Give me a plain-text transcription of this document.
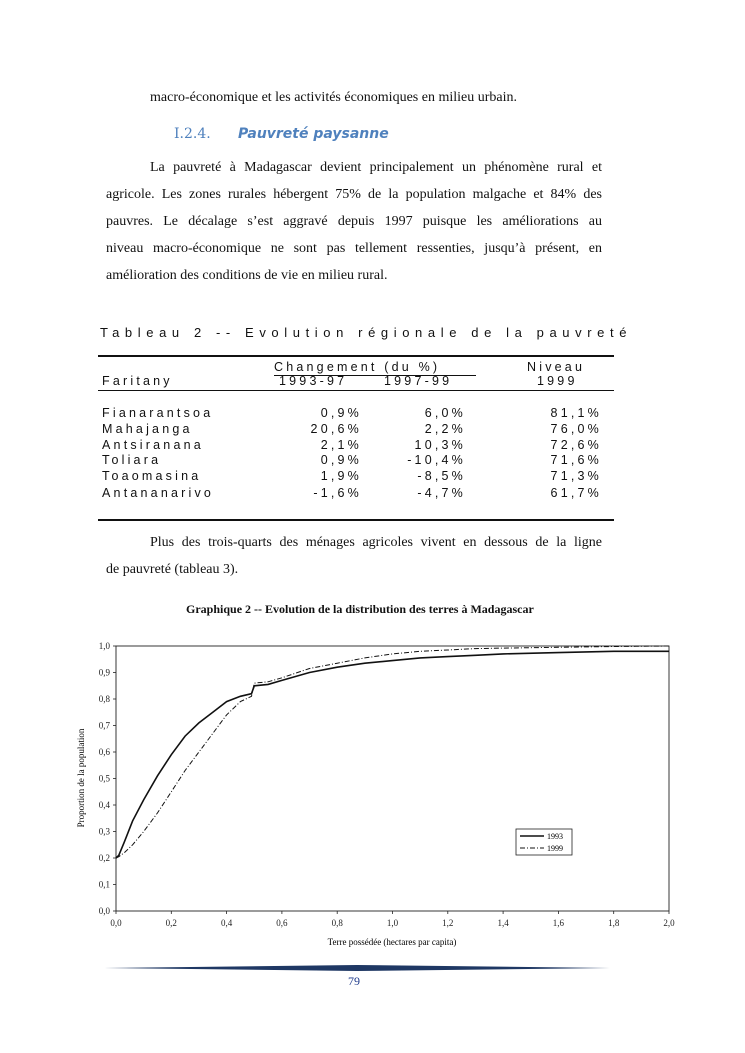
macro-économique et les activités économiques en milieu urbain.
I.2.4. Pauvreté paysanne
La pauvreté à Madagascar devient principalement un phénomène rural et
agricole. Les zones rurales hébergent 75% de la population malgache et 84% des
pauvres. Le décalage s’est aggravé depuis 1997 puisque les améliorations au
niveau macro-économique ne sont pas tellement ressenties, jusqu’à présent, en
amélioration des conditions de vie en milieu rural.
Tableau 2 -- Evolution régionale de la pauvreté
Changement (du %)	Niveau
Faritany	1993-97	1997-99	1999
Fianarantsoa	0,9%	6,0%	81,1%
Mahajanga	20,6%	2,2%	76,0%
Antsiranana	2,1%	10,3%	72,6%
Toliara	0,9%	-10,4%	71,6%
Toaomasina	1,9%	-8,5%	71,3%
Antananarivo	-1,6%	-4,7%	61,7%
Plus des trois-quarts des ménages agricoles vivent en dessous de la ligne
de pauvreté (tableau 3).
Graphique 2 -- Evolution de la distribution des terres à Madagascar
0,0
0,1
0,2
0,3
0,4
0,5
0,6
0,7
0,8
0,9
1,0
0,0	0,2	0,4	0,6	0,8	1,0	1,2	1,4	1,6	1,8	2,0
Proportion de la population
Terre possédée (hectares par capita)
1993
1999
79
